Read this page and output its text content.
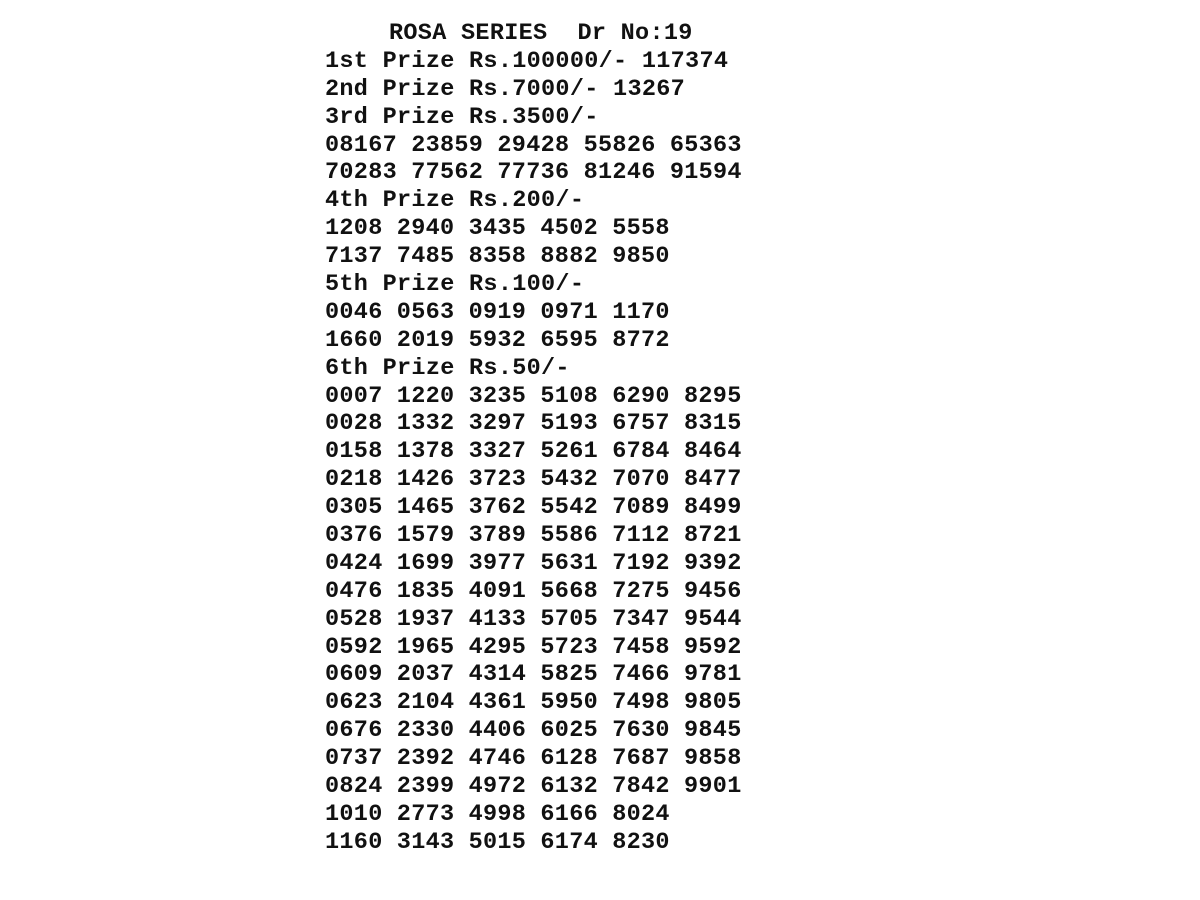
ROSA SERIES Dr No:19
1st Prize Rs.100000/- 117374
2nd Prize Rs.7000/- 13267
3rd Prize Rs.3500/-
08167 23859 29428 55826 65363
70283 77562 77736 81246 91594
4th Prize Rs.200/-
1208 2940 3435 4502 5558
7137 7485 8358 8882 9850
5th Prize Rs.100/-
0046 0563 0919 0971 1170
1660 2019 5932 6595 8772
6th Prize Rs.50/-
0007 1220 3235 5108 6290 8295
0028 1332 3297 5193 6757 8315
0158 1378 3327 5261 6784 8464
0218 1426 3723 5432 7070 8477
0305 1465 3762 5542 7089 8499
0376 1579 3789 5586 7112 8721
0424 1699 3977 5631 7192 9392
0476 1835 4091 5668 7275 9456
0528 1937 4133 5705 7347 9544
0592 1965 4295 5723 7458 9592
0609 2037 4314 5825 7466 9781
0623 2104 4361 5950 7498 9805
0676 2330 4406 6025 7630 9845
0737 2392 4746 6128 7687 9858
0824 2399 4972 6132 7842 9901
1010 2773 4998 6166 8024
1160 3143 5015 6174 8230
